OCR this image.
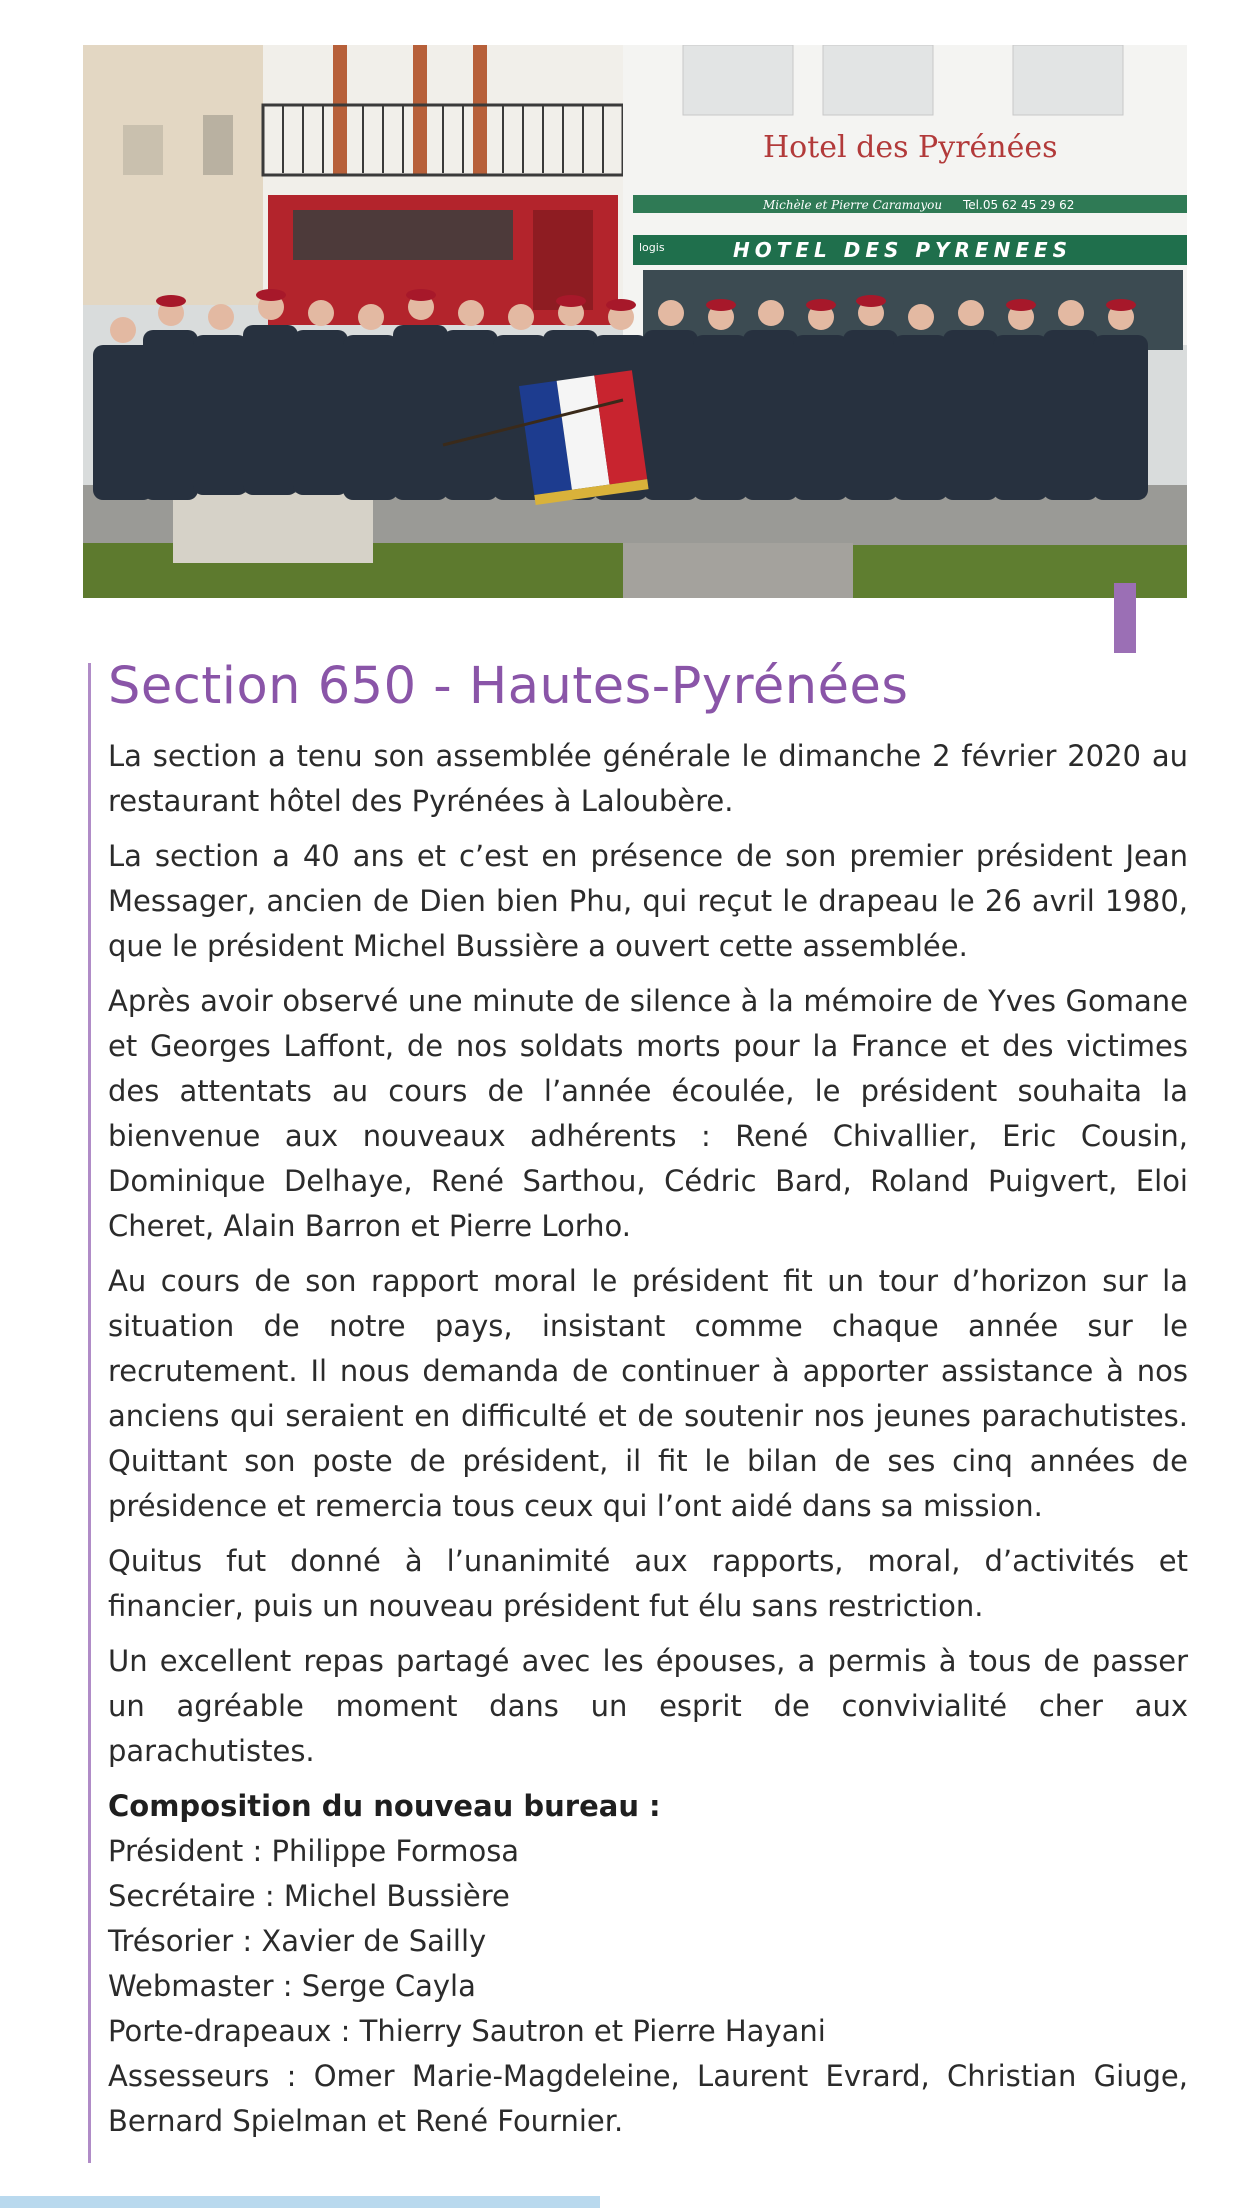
Hotel des Pyrénées
Michèle et Pierre Caramayou Tel.05 62 45 29 62
HOTEL DES PYRENEES
logis
Section 650 - Hautes-Pyrénées

La section a tenu son assemblée générale le dimanche 2 février 2020 au restaurant hôtel des Pyrénées à Laloubère.

La section a 40 ans et c’est en présence de son premier président Jean Messager, ancien de Dien bien Phu, qui reçut le drapeau le 26 avril 1980, que le président Michel Bussière a ouvert cette assemblée.

Après avoir observé une minute de silence à la mémoire de Yves Gomane et Georges Laffont, de nos soldats morts pour la France et des victimes des attentats au cours de l’année écoulée, le président souhaita la bienvenue aux nouveaux adhérents : René Chivallier, Eric Cousin, Dominique Delhaye, René Sarthou, Cédric Bard, Roland Puigvert, Eloi Cheret, Alain Barron et Pierre Lorho.

Au cours de son rapport moral le président fit un tour d’horizon sur la situation de notre pays, insistant comme chaque année sur le recrutement. Il nous demanda de continuer à apporter assistance à nos anciens qui seraient en difficulté et de soutenir nos jeunes parachutistes. Quittant son poste de président, il fit le bilan de ses cinq années de présidence et remercia tous ceux qui l’ont aidé dans sa mission.

Quitus fut donné à l’unanimité aux rapports, moral, d’activités et financier, puis un nouveau président fut élu sans restriction.

Un excellent repas partagé avec les épouses, a permis à tous de passer un agréable moment dans un esprit de convivialité cher aux parachutistes.

Composition du nouveau bureau :

Président : Philippe Formosa

Secrétaire : Michel Bussière

Trésorier : Xavier de Sailly

Webmaster : Serge Cayla

Porte-drapeaux : Thierry Sautron et Pierre Hayani

Assesseurs : Omer Marie-Magdeleine, Laurent Evrard, Christian Giuge, Bernard Spielman et René Fournier.
